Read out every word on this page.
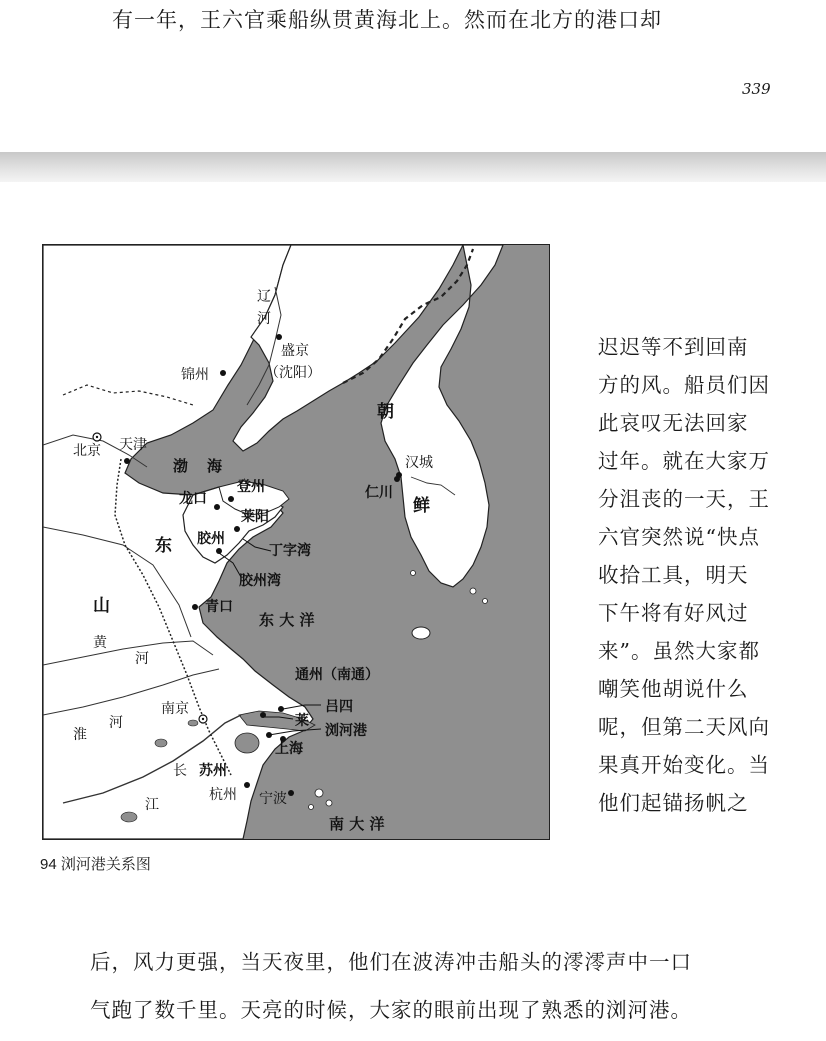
有一年，王六官乘船纵贯黄海北上。然而在北方的港口却
339
辽
河
盛京
（沈阳）
锦州
北京 天津
朝
鲜
汉城
仁川
渤 海
龙口
登州
莱阳
胶州
丁字湾
胶州湾
东
山	青口
东 大 洋
黄
河
通州（南通）
吕四
莱
浏河港
南京
淮
河
上海
苏州
长
江
杭州 宁波
南 大 洋
94 浏河港关系图
迟迟等不到回南
方的风。船员们因
此哀叹无法回家
过年。就在大家万
分沮丧的一天，王
六官突然说“快点
收拾工具，明天
下午将有好风过
来”。虽然大家都
嘲笑他胡说什么
呢，但第二天风向
果真开始变化。当
他们起锚扬帆之
后，风力更强，当天夜里，他们在波涛冲击船头的澪澪声中一口
气跑了数千里。天亮的时候，大家的眼前出现了熟悉的浏河港。
